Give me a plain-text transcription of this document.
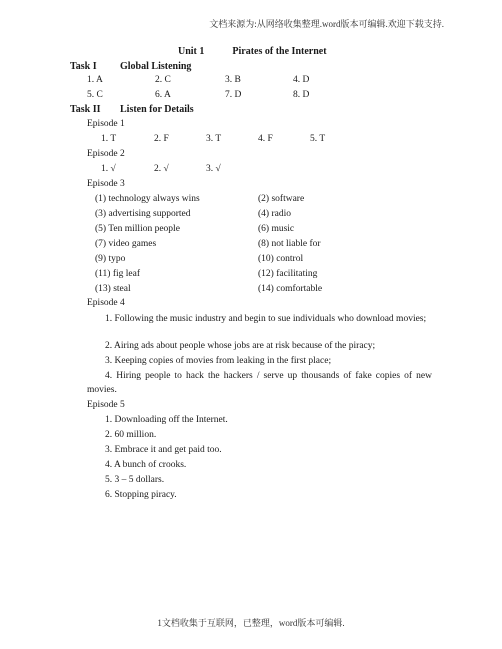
文档来源为:从网络收集整理.word版本可编辑.欢迎下载支持.
Unit 1	Pirates of the Internet
Task I Global Listening
1. A	2. C	3. B	4. D
5. C	6. A	7. D	8. D
Task II Listen for Details
Episode 1
1. T	2. F	3. T	4. F	5. T
Episode 2
1. √	2. √	3. √
Episode 3
(1) technology always wins	(2) software
(3) advertising supported	(4) radio
(5) Ten million people	(6) music
(7) video games	(8) not liable for
(9) typo	(10) control
(11) fig leaf	(12) facilitating
(13) steal	(14) comfortable
Episode 4
1. Following the music industry and begin to sue individuals who download movies;
2. Airing ads about people whose jobs are at risk because of the piracy;
3. Keeping copies of movies from leaking in the first place;
4. Hiring people to hack the hackers / serve up thousands of fake copies of new movies.
Episode 5
1. Downloading off the Internet.
2. 60 million.
3. Embrace it and get paid too.
4. A bunch of crooks.
5. 3 – 5 dollars.
6. Stopping piracy.
1文档收集于互联网，已整理，word版本可编辑.
